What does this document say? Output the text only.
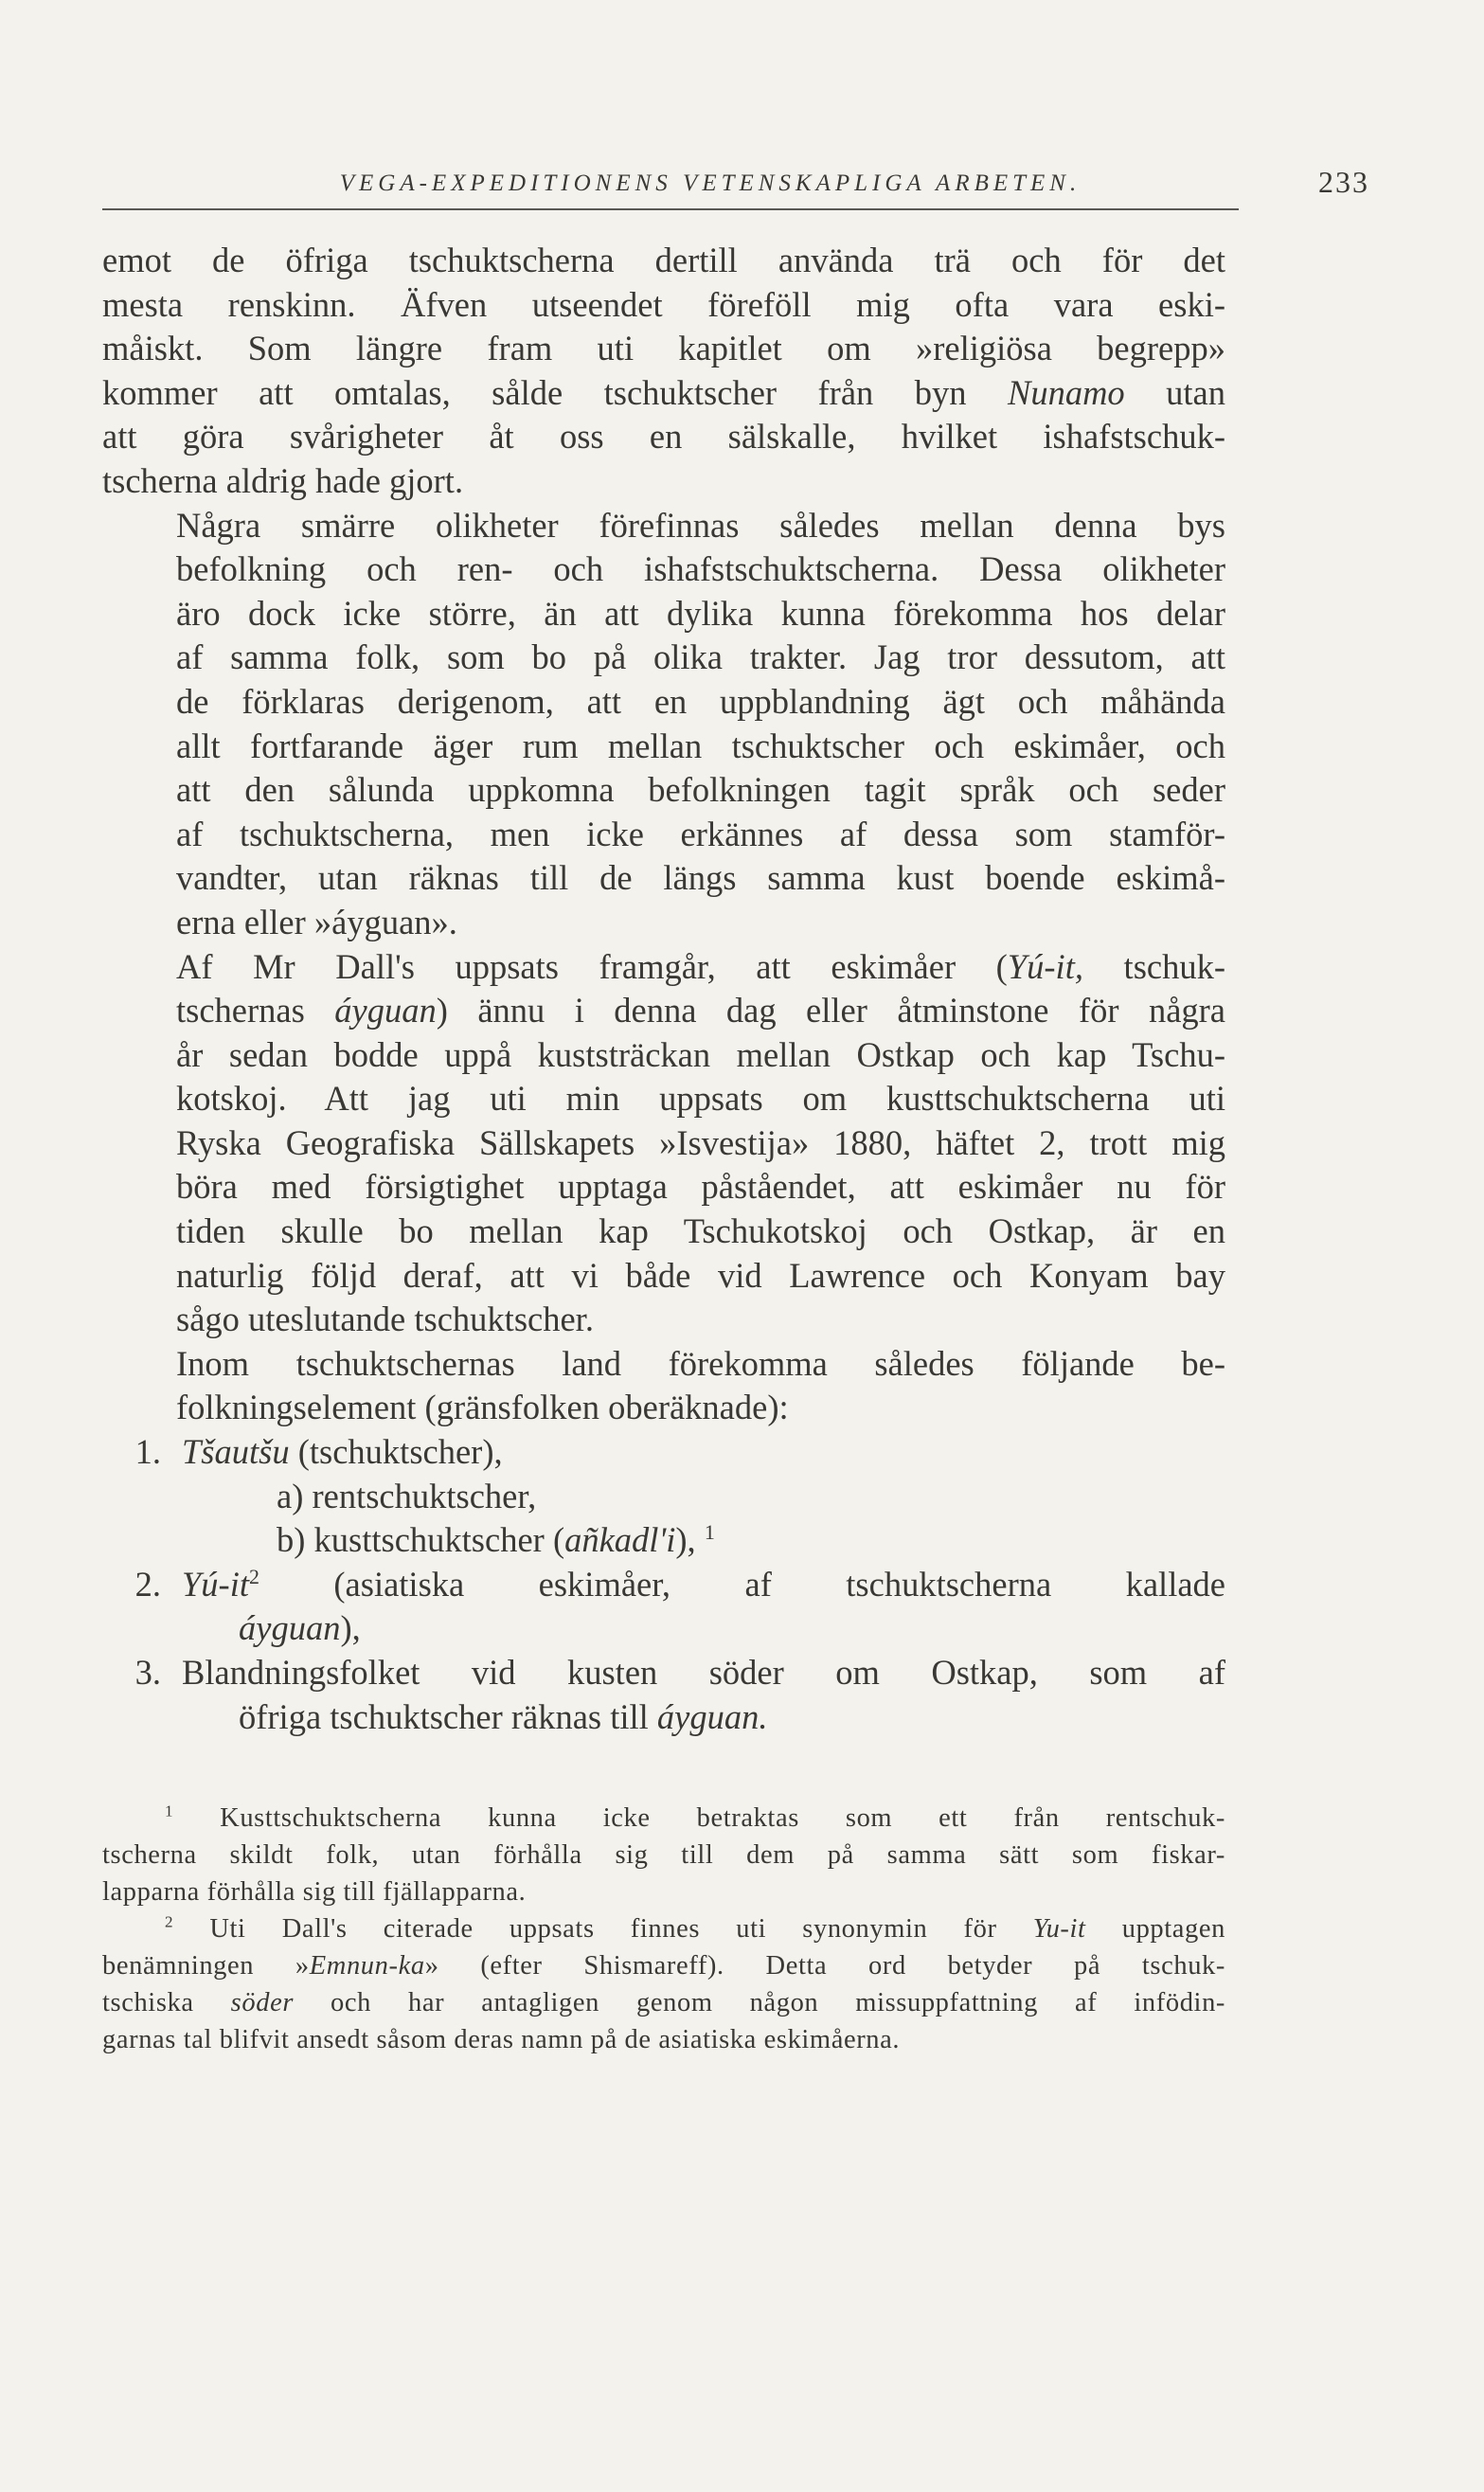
VEGA-EXPEDITIONENS VETENSKAPLIGA ARBETEN.	233

emot de öfriga tschuktscherna dertill använda trä och för det
mesta renskinn. Äfven utseendet föreföll mig ofta vara eski-
måiskt. Som längre fram uti kapitlet om »religiösa begrepp»
kommer att omtalas, sålde tschuktscher från byn Nunamo utan
att göra svårigheter åt oss en sälskalle, hvilket ishafstschuk-
tscherna aldrig hade gjort.

Några smärre olikheter förefinnas således mellan denna bys
befolkning och ren- och ishafstschuktscherna. Dessa olikheter
äro dock icke större, än att dylika kunna förekomma hos delar
af samma folk, som bo på olika trakter. Jag tror dessutom, att
de förklaras derigenom, att en uppblandning ägt och måhända
allt fortfarande äger rum mellan tschuktscher och eskimåer, och
att den sålunda uppkomna befolkningen tagit språk och seder
af tschuktscherna, men icke erkännes af dessa som stamför-
vandter, utan räknas till de längs samma kust boende eskimå-
erna eller »áyguan».

Af Mr Dall's uppsats framgår, att eskimåer (Yú-it, tschuk-
tschernas áyguan) ännu i denna dag eller åtminstone för några
år sedan bodde uppå kuststräckan mellan Ostkap och kap Tschu-
kotskoj. Att jag uti min uppsats om kusttschuktscherna uti
Ryska Geografiska Sällskapets »Isvestija» 1880, häftet 2, trott mig
böra med försigtighet upptaga påståendet, att eskimåer nu för
tiden skulle bo mellan kap Tschukotskoj och Ostkap, är en
naturlig följd deraf, att vi både vid Lawrence och Konyam bay
sågo uteslutande tschuktscher.

Inom tschuktschernas land förekomma således följande be-
folkningselement (gränsfolken oberäknade):

1. Tšautšu (tschuktscher),
a) rentschuktscher,
b) kusttschuktscher (añkadl'i), $^1$
2. $Yú-it^2$ (asiatiska eskimåer, af tschuktscherna kallade
áyguan),
3. Blandningsfolket vid kusten söder om Ostkap, som af
öfriga tschuktscher räknas till áyguan.
$^1$ Kusttschuktscherna kunna icke betraktas som ett från rentschuk-
tscherna skildt folk, utan förhålla sig till dem på samma sätt som fiskar-
lapparna förhålla sig till fjällapparna.
$^2$ Uti Dall's citerade uppsats finnes uti synonymin för Yu-it upptagen
benämningen »Emnun-ka» (efter Shismareff). Detta ord betyder på tschuk-
tschiska söder och har antagligen genom någon missuppfattning af infödin-
garnas tal blifvit ansedt såsom deras namn på de asiatiska eskimåerna.
